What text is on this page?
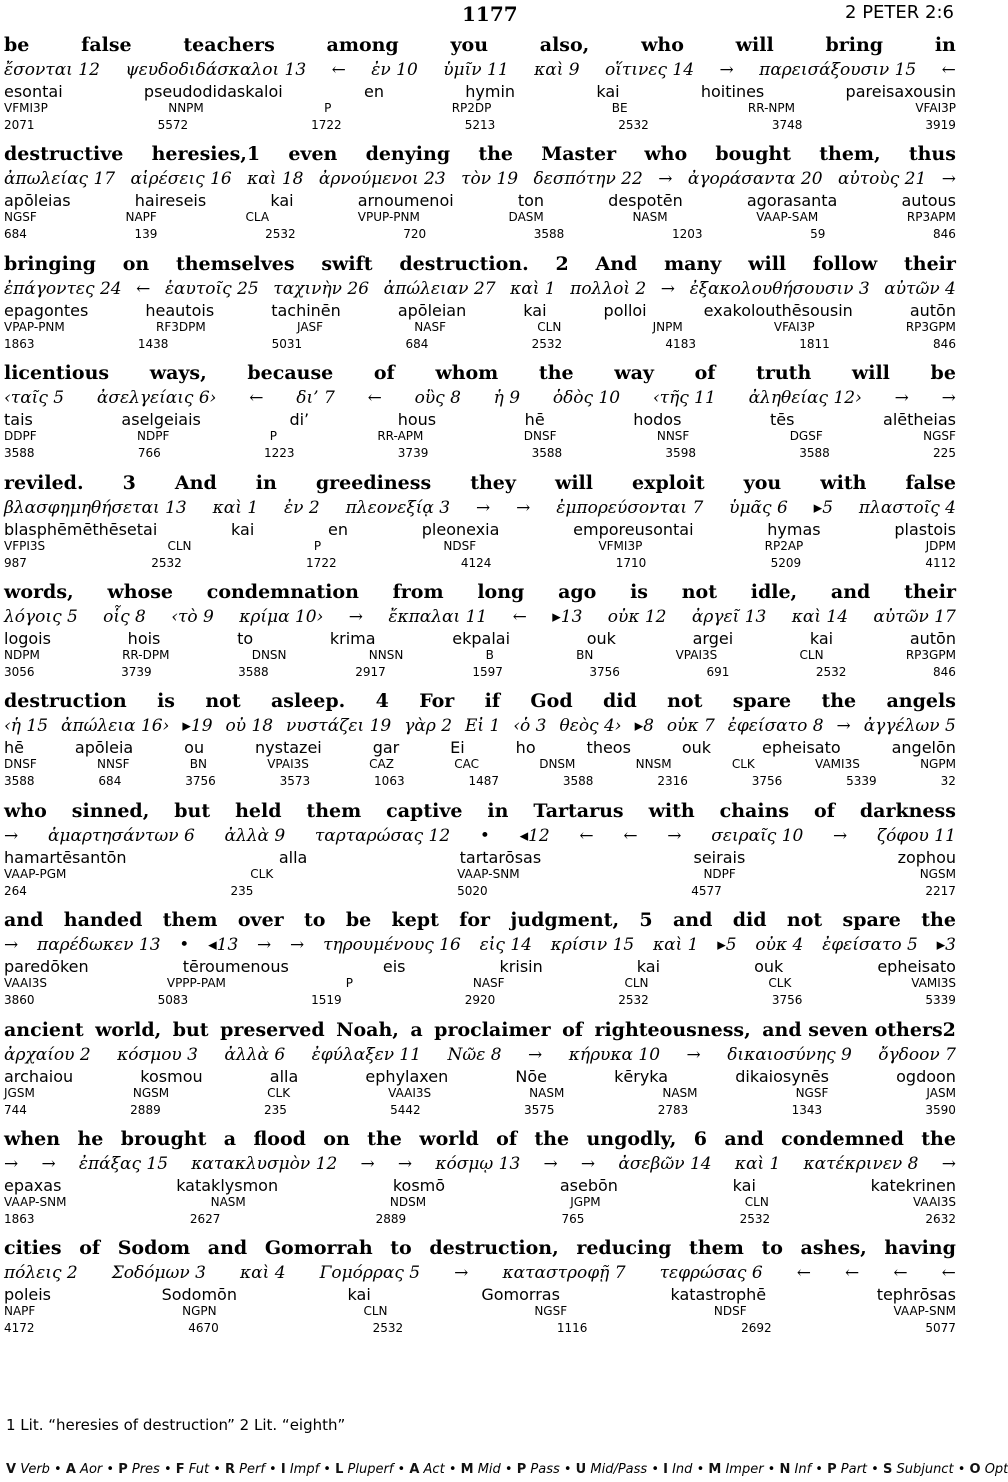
1177	2 PETER 2:6
be	false	teachers	among	you	also,	who	will	bring	in
ἔσονται 12 ψευδοδιδάσκαλοι 13 ← ἐν 10 ὑμῖν 11 καὶ 9 οἵτινες 14 → παρεισάξουσιν 15 ←
esontai	pseudodidaskaloi	en	hymin	kai	hoitines	pareisaxousin
VFMI3P	NNPM	P	RP2DP	BE	RR-NPM	VFAI3P
2071	5572	1722	5213	2532	3748	3919
destructive heresies,1 even denying the Master who bought them, thus
ἀπωλείας 17 αἱρέσεις 16 καὶ 18 ἀρνούμενοι 23 τὸν 19 δεσπότην 22 → ἀγοράσαντα 20 αὐτοὺς 21 →
apōleias	haireseis	kai	arnoumenoi	ton	despotēn	agorasanta	autous
NGSF	NAPF	CLA	VPUP-PNM	DASM	NASM	VAAP-SAM	RP3APM
684	139	2532	720	3588	1203	59	846
bringing on themselves swift destruction. 2 And many will follow their
ἐπάγοντες 24 ← ἑαυτοῖς 25 ταχινὴν 26 ἀπώλειαν 27 καὶ 1 πολλοὶ 2 → ἐξακολουθήσουσιν 3 αὐτῶν 4
epagontes	heautois	tachinēn	apōleian	kai	polloi	exakolouthēsousin	autōn
VPAP-PNM	RF3DPM	JASF	NASF	CLN	JNPM	VFAI3P	RP3GPM
1863	1438	5031	684	2532	4183	1811	846
licentious ways, because of whom the way of truth will be
‹ταῖς 5 ἀσελγείαις 6› ← δι’ 7 ← οὓς 8 ἡ 9 ὁδὸς 10 ‹τῆς 11 ἀληθείας 12› → →
tais	aselgeiais	di’	hous	hē	hodos	tēs	alētheias
DDPF	NDPF	P	RR-APM	DNSF	NNSF	DGSF	NGSF
3588	766	1223	3739	3588	3598	3588	225
reviled. 3 And in greediness they will exploit you with false
βλασφημηθήσεται 13 καὶ 1 ἐν 2 πλεονεξίᾳ 3 → → ἐμπορεύσονται 7 ὑμᾶς 6 ▸5 πλαστοῖς 4
blasphēmēthēsetai	kai	en	pleonexia	emporeusontai	hymas	plastois
VFPI3S	CLN	P	NDSF	VFMI3P	RP2AP	JDPM
987	2532	1722	4124	1710	5209	4112
words, whose condemnation from long ago is not idle, and their
λόγοις 5 οἷς 8 ‹τὸ 9 κρίμα 10› → ἔκπαλαι 11 ← ▸13 οὐκ 12 ἀργεῖ 13 καὶ 14 αὐτῶν 17
logois	hois	to	krima	ekpalai	ouk	argei	kai	autōn
NDPM	RR-DPM	DNSN	NNSN	B	BN	VPAI3S	CLN	RP3GPM
3056	3739	3588	2917	1597	3756	691	2532	846
destruction is not asleep. 4 For if God did not spare the angels
‹ἡ 15 ἀπώλεια 16› ▸19 οὐ 18 νυστάζει 19 γὰρ 2 Εἰ 1 ‹ὁ 3 θεὸς 4› ▸8 οὐκ 7 ἐφείσατο 8 → ἀγγέλων 5
hē	apōleia	ou	nystazei	gar	Ei	ho	theos	ouk	epheisato	angelōn
DNSF	NNSF	BN	VPAI3S	CAZ	CAC	DNSM	NNSM	CLK	VAMI3S	NGPM
3588	684	3756	3573	1063	1487	3588	2316	3756	5339	32
who sinned, but held them captive in Tartarus with chains of darkness
→ ἁμαρτησάντων 6 ἀλλὰ 9 ταρταρώσας 12 • ◂12 ← ← → σειραῖς 10 → ζόφου 11
hamartēsantōn	alla	tartarōsas	seirais	zophou
VAAP-PGM	CLK	VAAP-SNM	NDPF	NGSM
264	235	5020	4577	2217
and handed them over to be kept for judgment, 5 and did not spare the
→ παρέδωκεν 13 • ◂13 → → τηρουμένους 16 εἰς 14 κρίσιν 15 καὶ 1 ▸5 οὐκ 4 ἐφείσατο 5 ▸3
paredōken	tēroumenous	eis	krisin	kai	ouk	epheisato
VAAI3S	VPPP-PAM	P	NASF	CLN	CLK	VAMI3S
3860	5083	1519	2920	2532	3756	5339
ancient world, but preserved Noah, a proclaimer of righteousness, and seven others2
ἀρχαίου 2 κόσμου 3 ἀλλὰ 6 ἐφύλαξεν 11 Νῶε 8 → κήρυκα 10 → δικαιοσύνης 9 ὄγδοον 7
archaiou	kosmou	alla	ephylaxen	Nōe	kēryka	dikaiosynēs	ogdoon
JGSM	NGSM	CLK	VAAI3S	NASM	NASM	NGSF	JASM
744	2889	235	5442	3575	2783	1343	3590
when he brought a flood on the world of the ungodly, 6 and condemned the
→ → ἐπάξας 15 κατακλυσμὸν 12 → → κόσμῳ 13 → → ἀσεβῶν 14 καὶ 1 κατέκρινεν 8 →
epaxas	kataklysmon	kosmō	asebōn	kai	katekrinen
VAAP-SNM	NASM	NDSM	JGPM	CLN	VAAI3S
1863	2627	2889	765	2532	2632
cities of Sodom and Gomorrah to destruction, reducing them to ashes, having
πόλεις 2 Σοδόμων 3 καὶ 4 Γομόρρας 5 → καταστροφῇ 7 τεφρώσας 6 ← ← ← ←
poleis	Sodomōn	kai	Gomorras	katastrophē	tephrōsas
NAPF	NGPN	CLN	NGSF	NDSF	VAAP-SNM
4172	4670	2532	1116	2692	5077
1 Lit. “heresies of destruction” 2 Lit. “eighth”
V Verb • A Aor • P Pres • F Fut • R Perf • I Impf • L Pluperf • A Act • M Mid • P Pass • U Mid/Pass • I Ind • M Imper • N Inf • P Part • S Subjunct • O Opt
